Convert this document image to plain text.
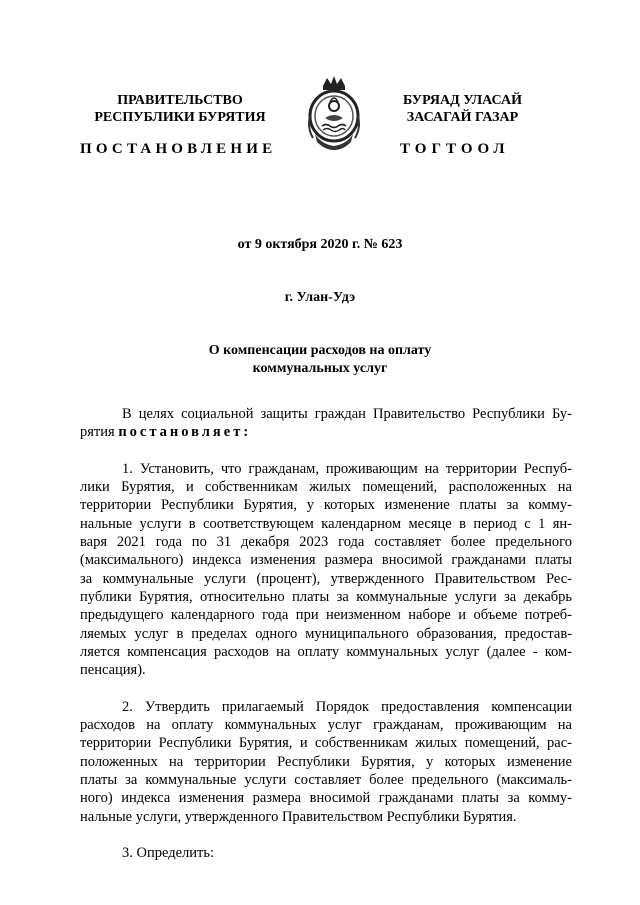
ПРАВИТЕЛЬСТВО
РЕСПУБЛИКИ БУРЯТИЯ
БУРЯАД УЛАСАЙ
ЗАСАГАЙ ГАЗАР
ПОСТАНОВЛЕНИЕ	ТОГТООЛ
от 9 октября 2020 г. № 623
г. Улан-Удэ
О компенсации расходов на оплату
коммунальных услуг
В целях социальной защиты граждан Правительство Республики Бу-
рятия постановляет:
1. Установить, что гражданам, проживающим на территории Респуб-
лики Бурятия, и собственникам жилых помещений, расположенных на
территории Республики Бурятия, у которых изменение платы за комму-
нальные услуги в соответствующем календарном месяце в период с 1 ян-
варя 2021 года по 31 декабря 2023 года составляет более предельного
(максимального) индекса изменения размера вносимой гражданами платы
за коммунальные услуги (процент), утвержденного Правительством Рес-
публики Бурятия, относительно платы за коммунальные услуги за декабрь
предыдущего календарного года при неизменном наборе и объеме потреб-
ляемых услуг в пределах одного муниципального образования, предостав-
ляется компенсация расходов на оплату коммунальных услуг (далее - ком-
пенсация).
2. Утвердить прилагаемый Порядок предоставления компенсации
расходов на оплату коммунальных услуг гражданам, проживающим на
территории Республики Бурятия, и собственникам жилых помещений, рас-
положенных на территории Республики Бурятия, у которых изменение
платы за коммунальные услуги составляет более предельного (максималь-
ного) индекса изменения размера вносимой гражданами платы за комму-
нальные услуги, утвержденного Правительством Республики Бурятия.
3. Определить:
